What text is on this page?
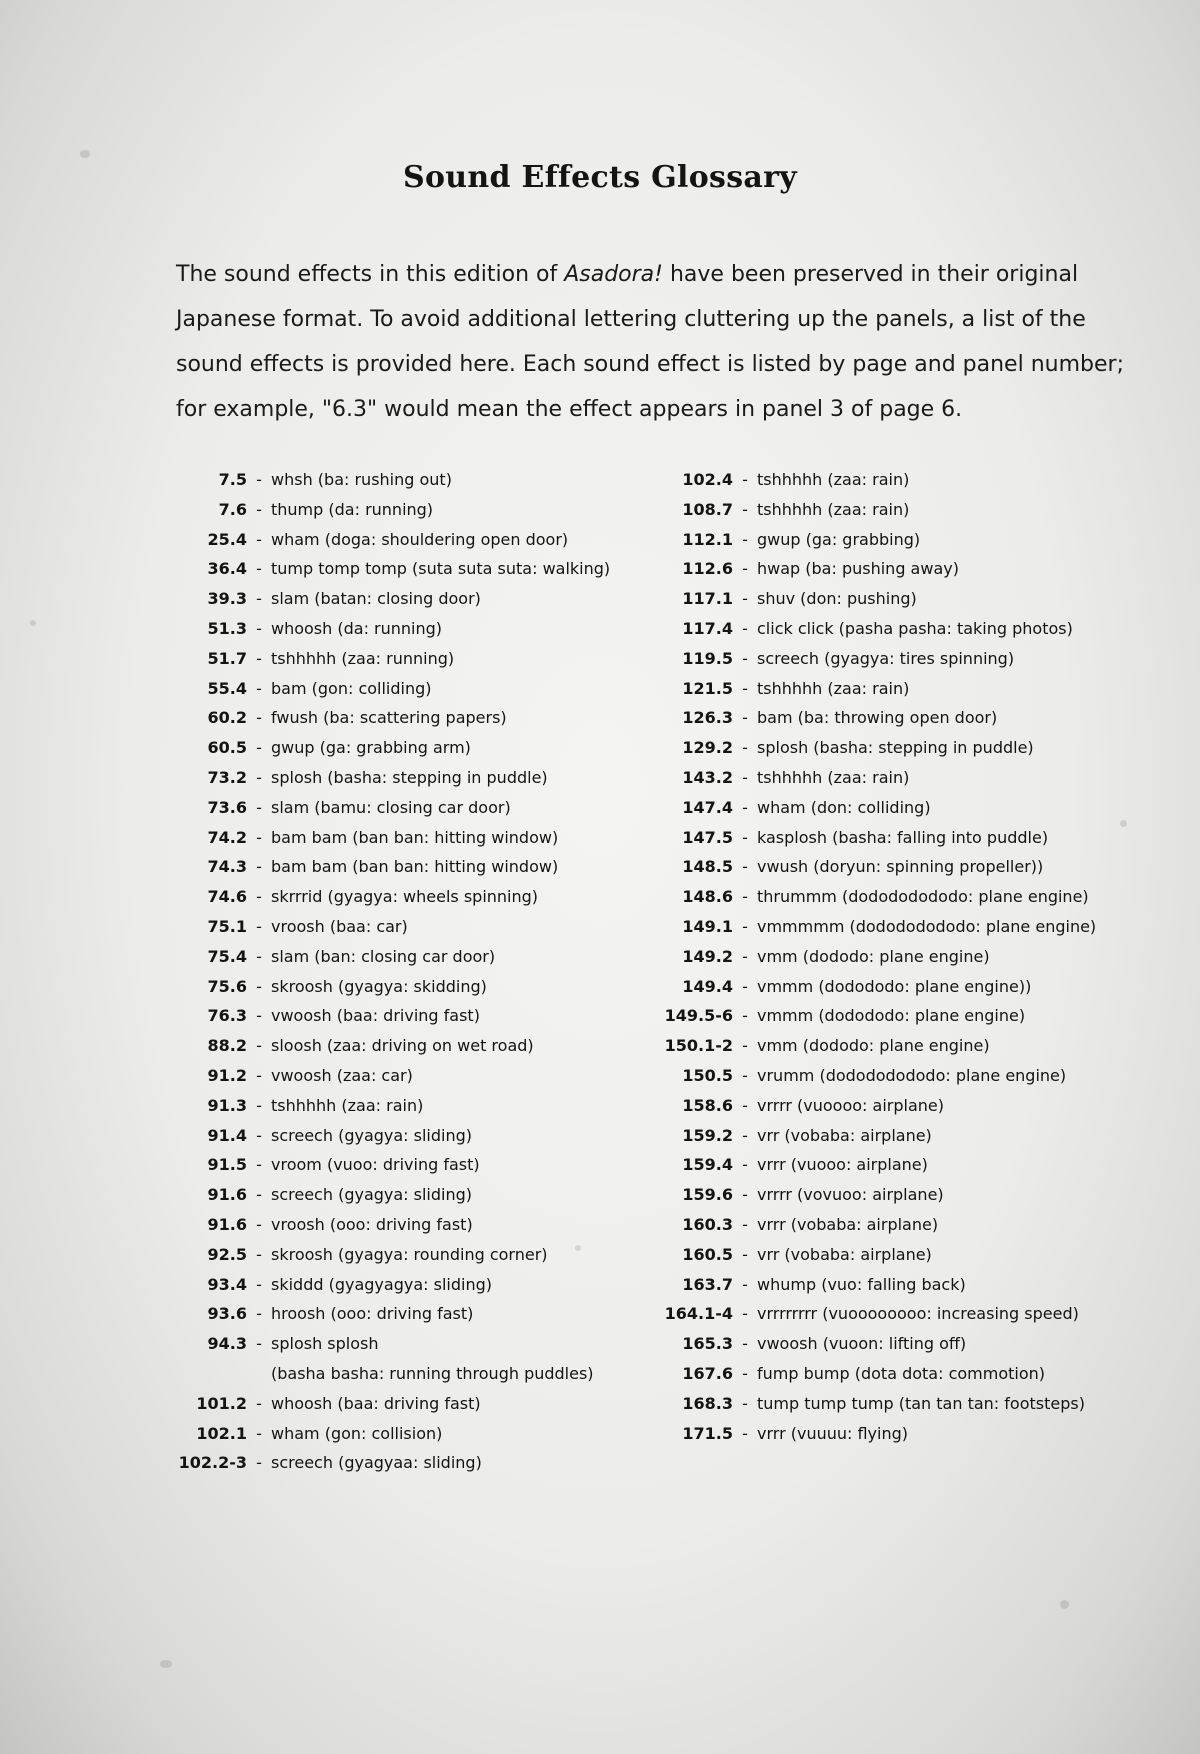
Sound Effects Glossary

The sound effects in this edition of Asadora! have been preserved in their original

Japanese format. To avoid additional lettering cluttering up the panels, a list of the

sound effects is provided here. Each sound effect is listed by page and panel number;

for example, "6.3" would mean the effect appears in panel 3 of page 6.

7.5 - whsh (ba: rushing out)
7.6 - thump (da: running)
25.4 - wham (doga: shouldering open door)
36.4 - tump tomp tomp (suta suta suta: walking)
39.3 - slam (batan: closing door)
51.3 - whoosh (da: running)
51.7 - tshhhhh (zaa: running)
55.4 - bam (gon: colliding)
60.2 - fwush (ba: scattering papers)
60.5 - gwup (ga: grabbing arm)
73.2 - splosh (basha: stepping in puddle)
73.6 - slam (bamu: closing car door)
74.2 - bam bam (ban ban: hitting window)
74.3 - bam bam (ban ban: hitting window)
74.6 - skrrrid (gyagya: wheels spinning)
75.1 - vroosh (baa: car)
75.4 - slam (ban: closing car door)
75.6 - skroosh (gyagya: skidding)
76.3 - vwoosh (baa: driving fast)
88.2 - sloosh (zaa: driving on wet road)
91.2 - vwoosh (zaa: car)
91.3 - tshhhhh (zaa: rain)
91.4 - screech (gyagya: sliding)
91.5 - vroom (vuoo: driving fast)
91.6 - screech (gyagya: sliding)
91.6 - vroosh (ooo: driving fast)
92.5 - skroosh (gyagya: rounding corner)
93.4 - skiddd (gyagyagya: sliding)
93.6 - hroosh (ooo: driving fast)
94.3 - splosh splosh
(basha basha: running through puddles)
101.2 - whoosh (baa: driving fast)
102.1 - wham (gon: collision)
102.2-3 - screech (gyagyaa: sliding)
102.4 - tshhhhh (zaa: rain)
108.7 - tshhhhh (zaa: rain)
112.1 - gwup (ga: grabbing)
112.6 - hwap (ba: pushing away)
117.1 - shuv (don: pushing)
117.4 - click click (pasha pasha: taking photos)
119.5 - screech (gyagya: tires spinning)
121.5 - tshhhhh (zaa: rain)
126.3 - bam (ba: throwing open door)
129.2 - splosh (basha: stepping in puddle)
143.2 - tshhhhh (zaa: rain)
147.4 - wham (don: colliding)
147.5 - kasplosh (basha: falling into puddle)
148.5 - vwush (doryun: spinning propeller))
148.6 - thrummm (dodododododo: plane engine)
149.1 - vmmmmm (dodododododo: plane engine)
149.2 - vmm (dododo: plane engine)
149.4 - vmmm (dodododo: plane engine))
149.5-6 - vmmm (dodododo: plane engine)
150.1-2 - vmm (dododo: plane engine)
150.5 - vrumm (dodododododo: plane engine)
158.6 - vrrrr (vuoooo: airplane)
159.2 - vrr (vobaba: airplane)
159.4 - vrrr (vuooo: airplane)
159.6 - vrrrr (vovuoo: airplane)
160.3 - vrrr (vobaba: airplane)
160.5 - vrr (vobaba: airplane)
163.7 - whump (vuo: falling back)
164.1-4 - vrrrrrrrr (vuoooooooo: increasing speed)
165.3 - vwoosh (vuoon: lifting off)
167.6 - fump bump (dota dota: commotion)
168.3 - tump tump tump (tan tan tan: footsteps)
171.5 - vrrr (vuuuu: flying)
